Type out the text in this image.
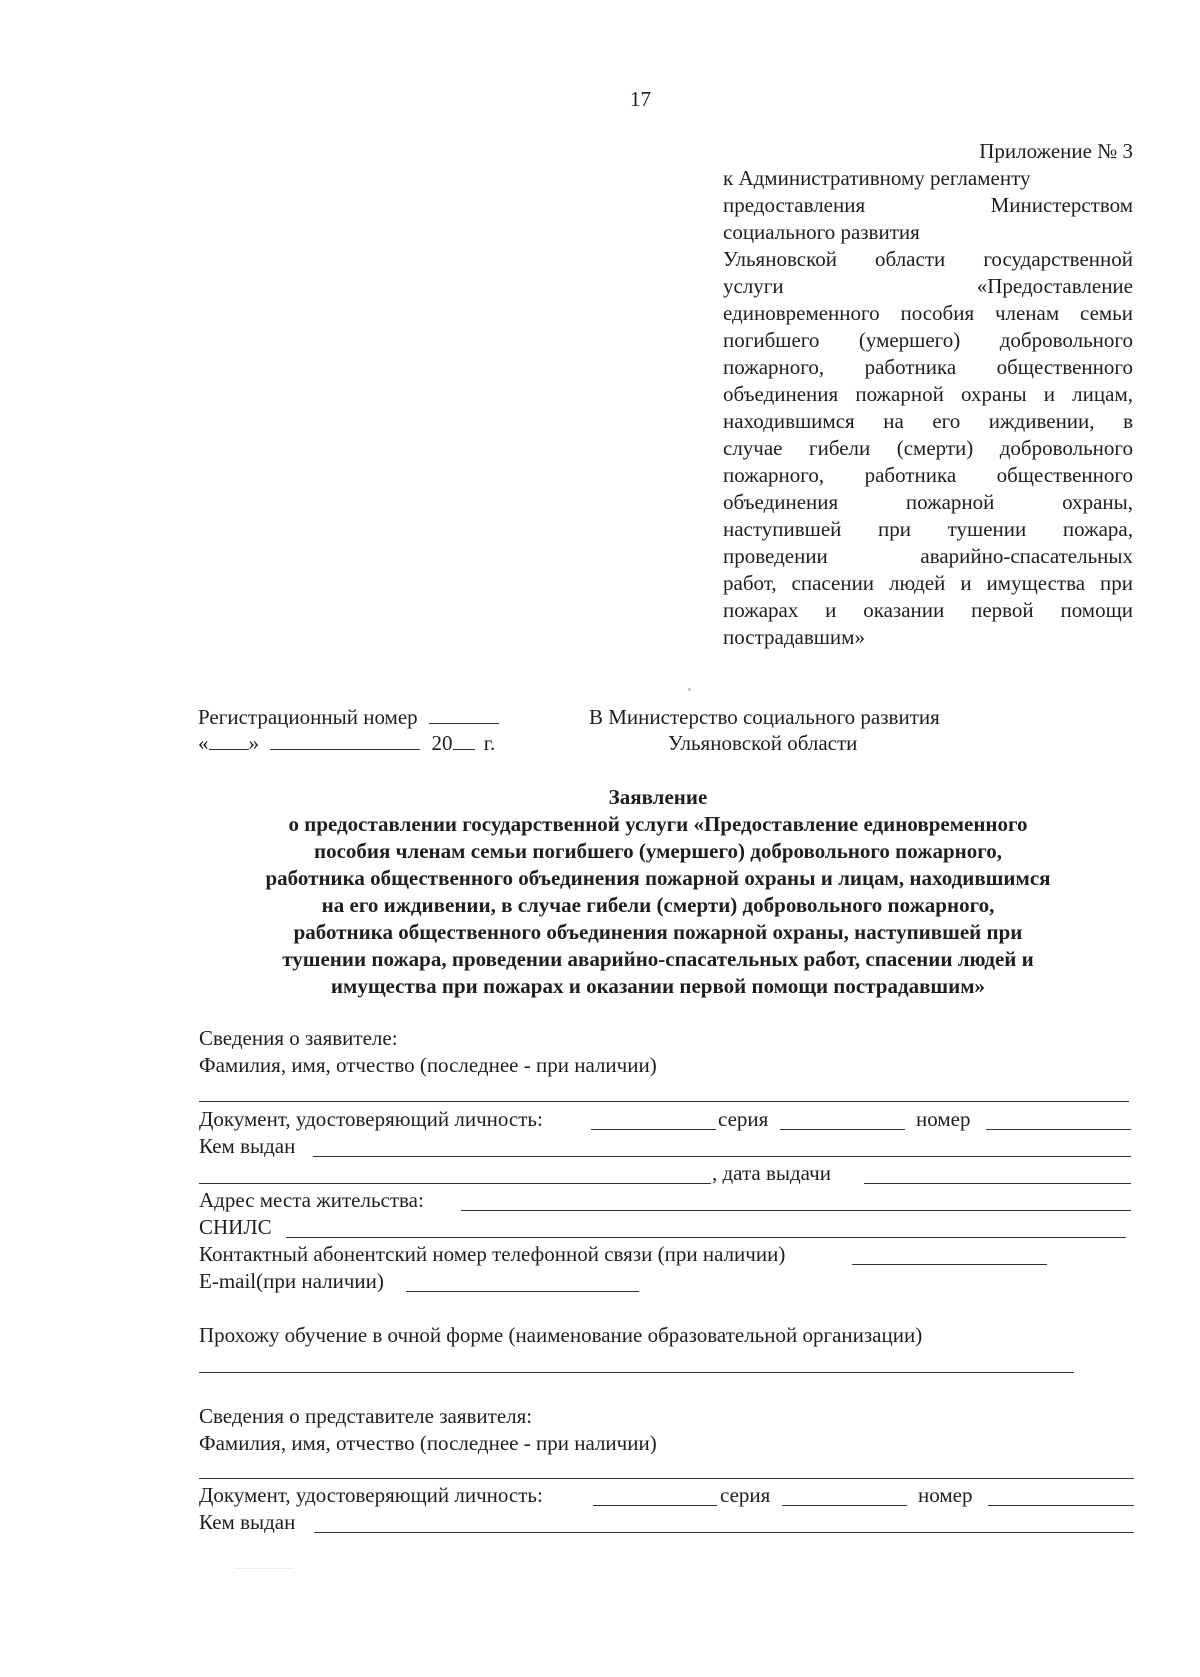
17
Приложение № 3
к Административному регламенту
предоставления Министерством
социального развития
Ульяновской области государственной
услуги «Предоставление
единовременного пособия членам семьи
погибшего (умершего) добровольного
пожарного, работника общественного
объединения пожарной охраны и лицам,
находившимся на его иждивении, в
случае гибели (смерти) добровольного
пожарного, работника общественного
объединения пожарной охраны,
наступившей при тушении пожара,
проведении аварийно-спасательных
работ, спасении людей и имущества при
пожарах и оказании первой помощи
пострадавшим»
Регистрационный номер
« »	20 г.
В Министерство социального развития
Ульяновской области
Заявление
о предоставлении государственной услуги «Предоставление единовременного
пособия членам семьи погибшего (умершего) добровольного пожарного,
работника общественного объединения пожарной охраны и лицам, находившимся
на его иждивении, в случае гибели (смерти) добровольного пожарного,
работника общественного объединения пожарной охраны, наступившей при
тушении пожара, проведении аварийно-спасательных работ, спасении людей и
имущества при пожарах и оказании первой помощи пострадавшим»
Сведения о заявителе:
Фамилия, имя, отчество (последнее - при наличии)
Документ, удостоверяющий личность:	серия	номер
Кем выдан
, дата выдачи
Адрес места жительства:
СНИЛС
Контактный абонентский номер телефонной связи (при наличии)
E-mail(при наличии)
Прохожу обучение в очной форме (наименование образовательной организации)
Сведения о представителе заявителя:
Фамилия, имя, отчество (последнее - при наличии)
Документ, удостоверяющий личность:	серия	номер
Кем выдан
